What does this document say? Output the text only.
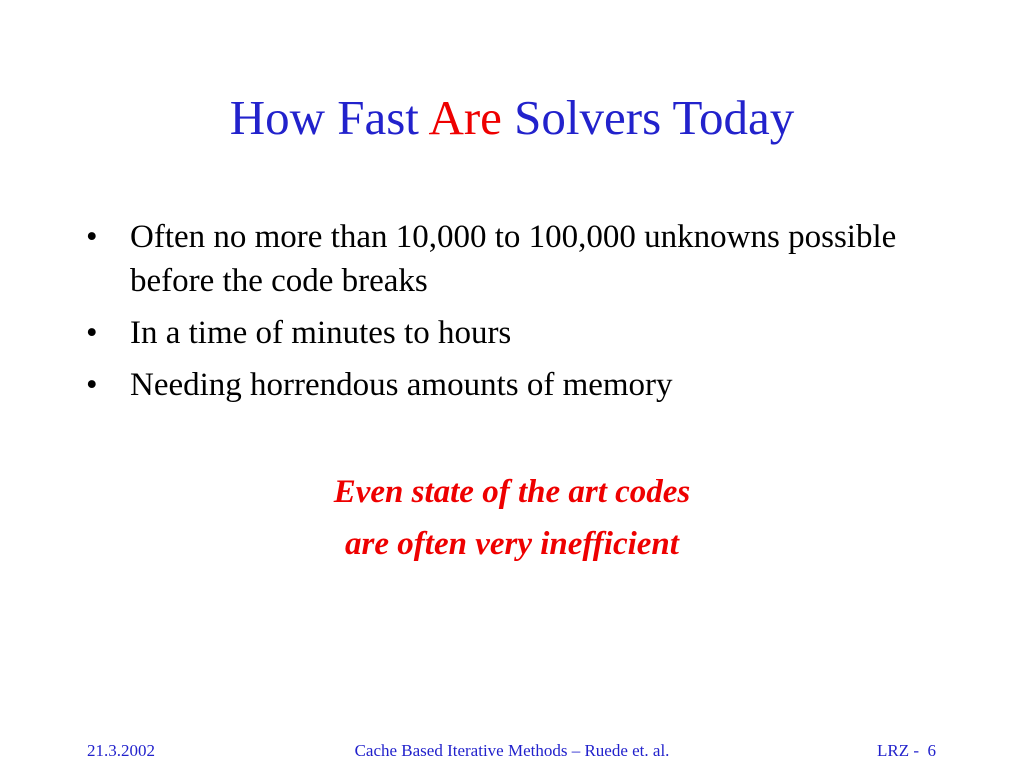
How Fast Are Solvers Today
• Often no more than 10,000 to 100,000 unknowns possible before the code breaks
• In a time of minutes to hours
• Needing horrendous amounts of memory
Even state of the art codes
are often very inefficient
Cache Based Iterative Methods – Ruede et. al.
21.3.2002	LRZ -  6
